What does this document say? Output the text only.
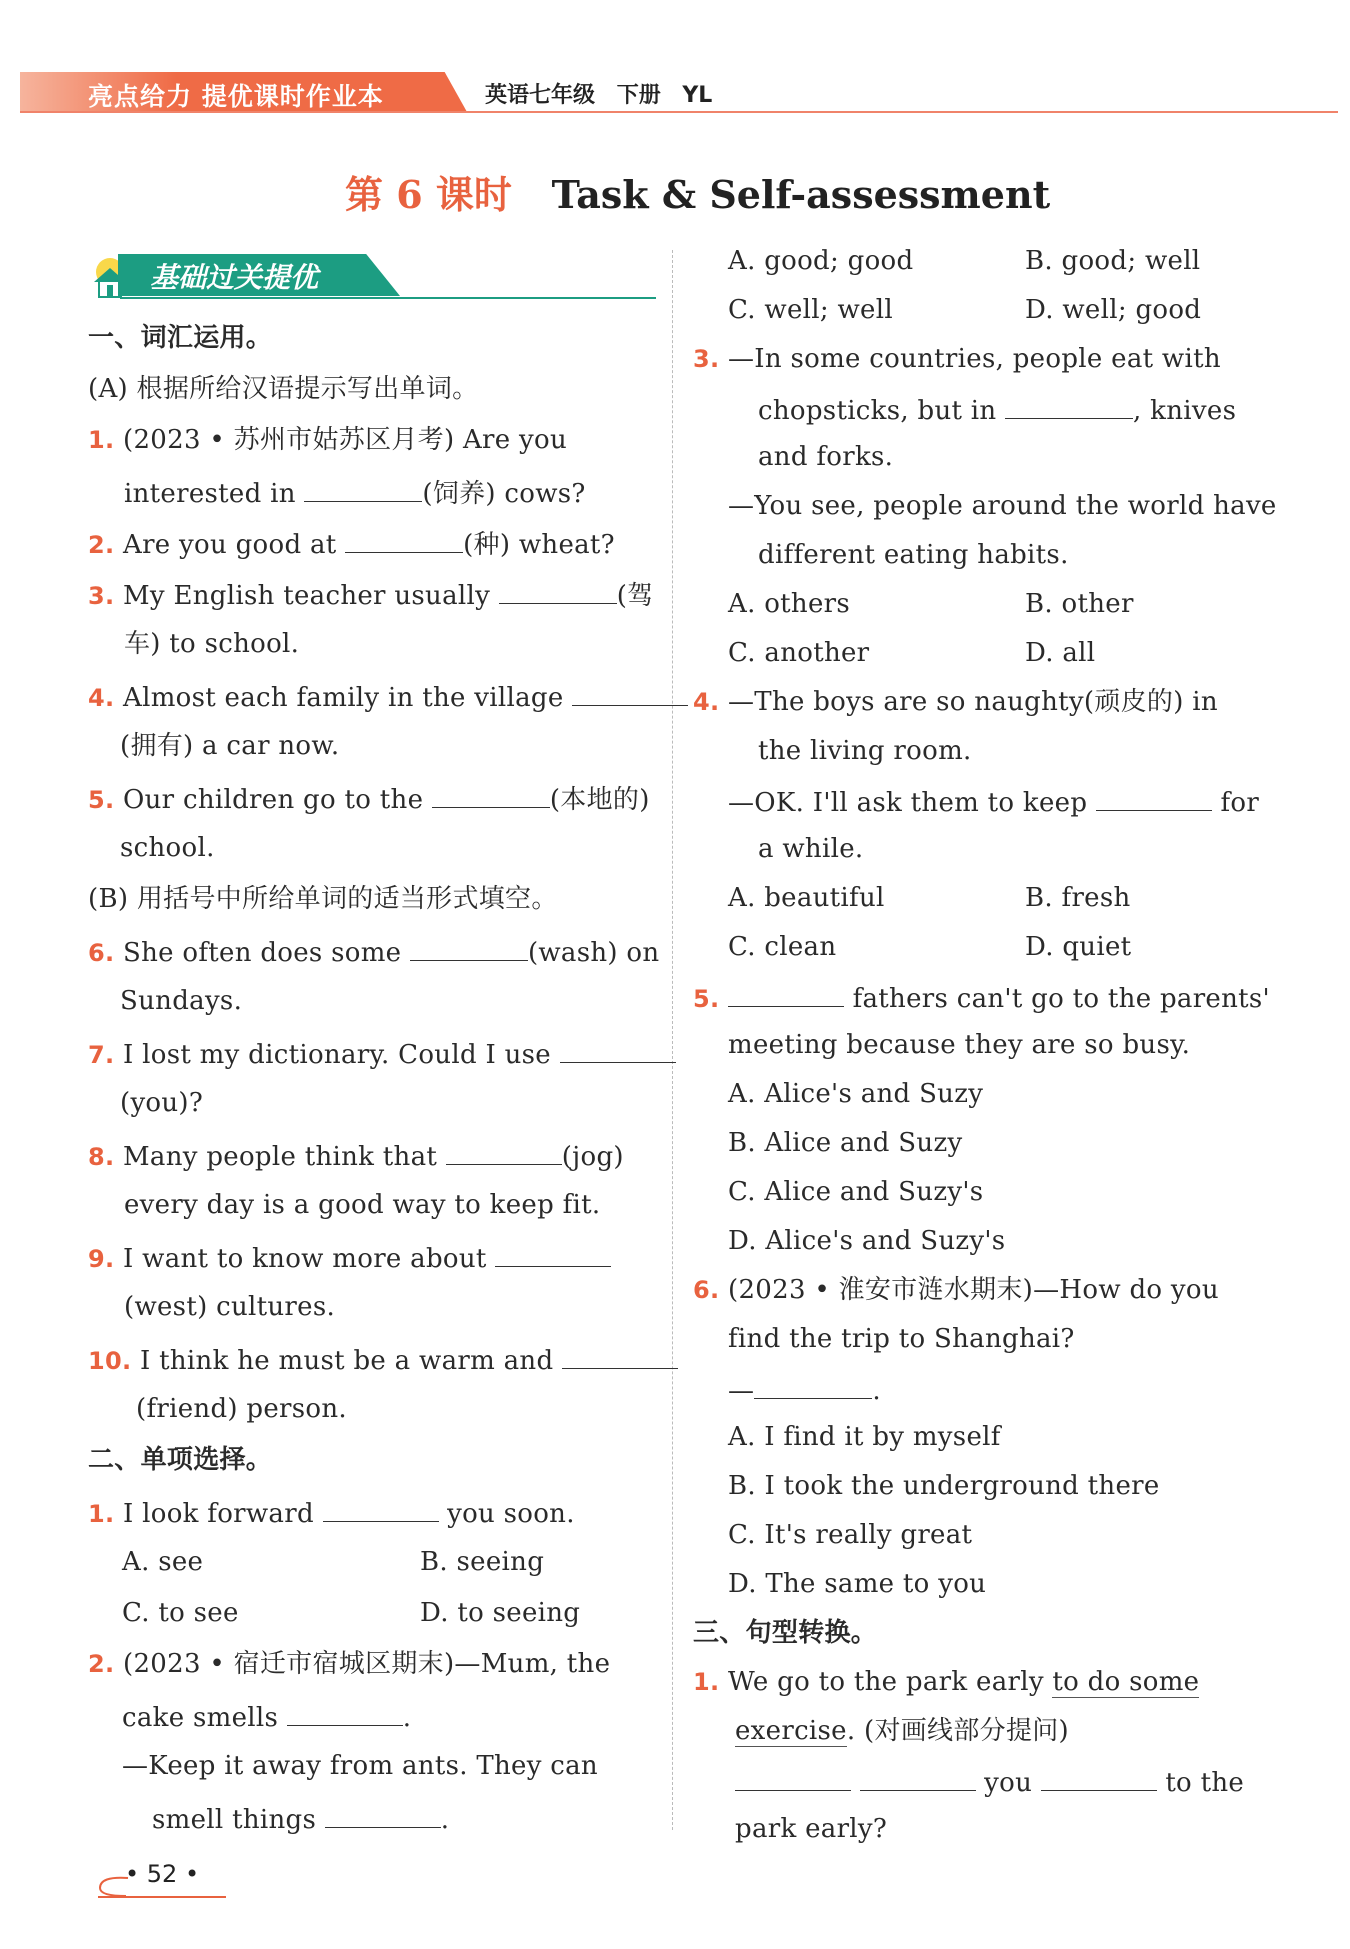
亮点给力 提优课时作业本	英语七年级 下册 YL
第 6 课时 Task & Self-assessment
基础过关提优
一、词汇运用。
(A) 根据所给汉语提示写出单词。
1. (2023 • 苏州市姑苏区月考) Are you
interested in	(饲养) cows?
2. Are you good at	(种) wheat?
3. My English teacher usually	(驾
车) to school.
4. Almost each family in the village
(拥有) a car now.
5. Our children go to the	(本地的)
school.
(B) 用括号中所给单词的适当形式填空。
6. She often does some	(wash) on
Sundays.
7. I lost my dictionary. Could I use
(you)?
8. Many people think that	(jog)
every day is a good way to keep fit.
9. I want to know more about
(west) cultures.
10. I think he must be a warm and
(friend) person.
二、单项选择。
1. I look forward	you soon.
A. see	B. seeing
C. to see	D. to seeing
2. (2023 • 宿迁市宿城区期末)—Mum, the
cake smells	.
—Keep it away from ants. They can
smell things	.
• 52 •
A. good; good	B. good; well
C. well; well	D. well; good
3. —In some countries, people eat with
chopsticks, but in	, knives
and forks.
—You see, people around the world have
different eating habits.
A. others	B. other
C. another	D. all
4. —The boys are so naughty(顽皮的) in
the living room.
—OK. I'll ask them to keep	for
a while.
A. beautiful	B. fresh
C. clean	D. quiet
5.	fathers can't go to the parents'
meeting because they are so busy.
A. Alice's and Suzy
B. Alice and Suzy
C. Alice and Suzy's
D. Alice's and Suzy's
6. (2023 • 淮安市涟水期末)—How do you
find the trip to Shanghai?
—	.
A. I find it by myself
B. I took the underground there
C. It's really great
D. The same to you
三、句型转换。
1. We go to the park early to do some
exercise. (对画线部分提问)
you	to the
park early?
